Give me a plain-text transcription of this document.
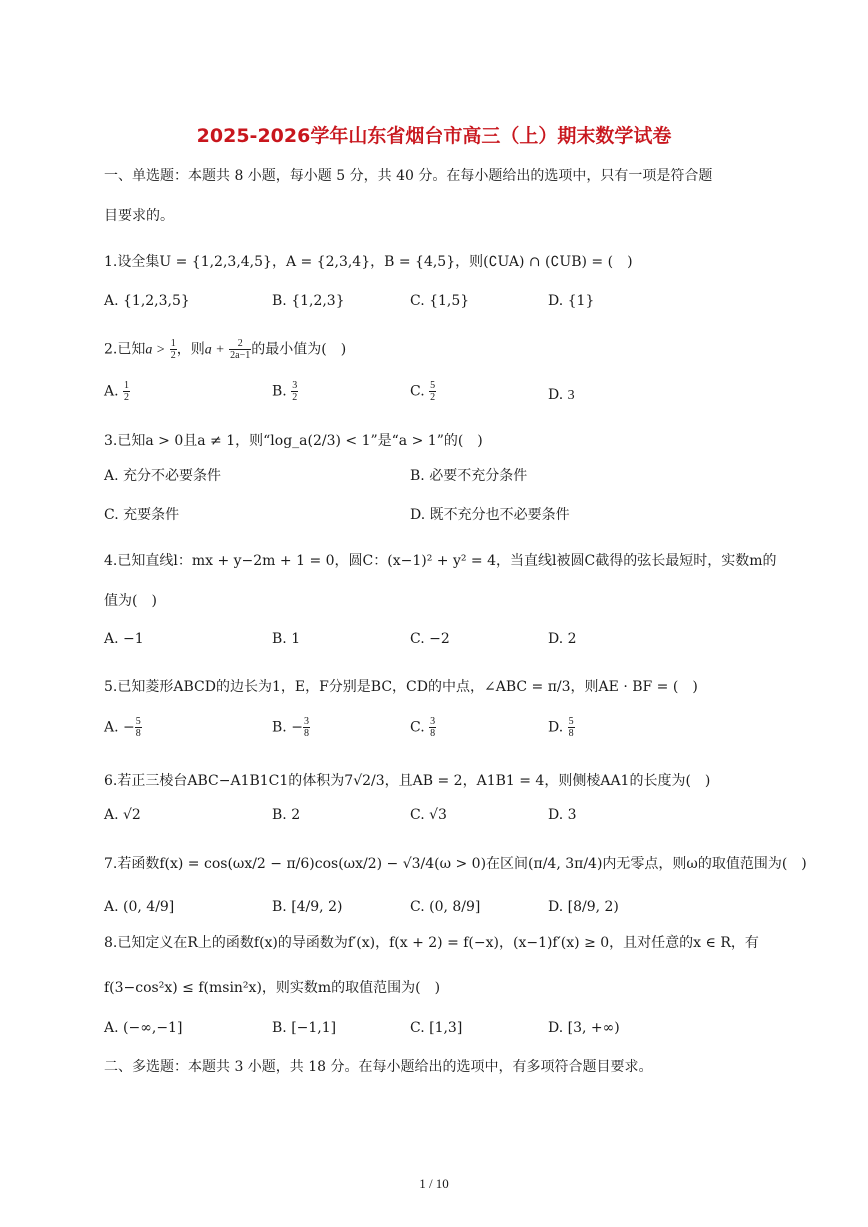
2025-2026学年山东省烟台市高三（上）期末数学试卷
一、单选题：本题共 8 小题，每小题 5 分，共 40 分。在每小题给出的选项中，只有一项是符合题
目要求的。
1.设全集U = {1,2,3,4,5}，A = {2,3,4}，B = {4,5}，则(∁UA) ∩ (∁UB) = (　)
A. {1,2,3,5}	B. {1,2,3}	C. {1,5}	D. {1}
2.已知$a > \frac{1}{2}$ ，则$a + \frac{2}{2a-1}$ 的最小值为(　)
A. $\frac{1}{2}$	B. $\frac{3}{2}$	C. $\frac{5}{2}$	D. 3
3.已知a > 0且a ≠ 1，则“log_a(2/3) < 1”是“a > 1”的(　)
A. 充分不必要条件	B. 必要不充分条件
C. 充要条件	D. 既不充分也不必要条件
4.已知直线l：mx + y−2m + 1 = 0，圆C：(x−1)² + y² = 4，当直线l被圆C截得的弦长最短时，实数m的
值为(　)
A. −1	B. 1	C. −2	D. 2
5.已知菱形ABCD的边长为1，E，F分别是BC，CD的中点，∠ABC = π/3，则AE · BF = (　)
A. − $\frac{5}{8}$	B. − $\frac{3}{8}$	C. $\frac{3}{8}$	D. $\frac{5}{8}$
6.若正三棱台ABC−A1B1C1的体积为7√2/3，且AB = 2，A1B1 = 4，则侧棱AA1的长度为(　)
A. √2	B. 2	C. √3	D. 3
7.若函数f(x) = cos(ωx/2 − π/6)cos(ωx/2) − √3/4(ω > 0)在区间(π/4, 3π/4)内无零点，则ω的取值范围为(　)
A. (0, 4/9]	B. [4/9, 2)	C. (0, 8/9]	D. [8/9, 2)
8.已知定义在R上的函数f(x)的导函数为f′(x)，f(x + 2) = f(−x)，(x−1)f′(x) ≥ 0，且对任意的x ∈ R，有
f(3−cos²x) ≤ f(msin²x)，则实数m的取值范围为(　)
A. (−∞,−1]	B. [−1,1]	C. [1,3]	D. [3, +∞)
二、多选题：本题共 3 小题，共 18 分。在每小题给出的选项中，有多项符合题目要求。
1 / 10
